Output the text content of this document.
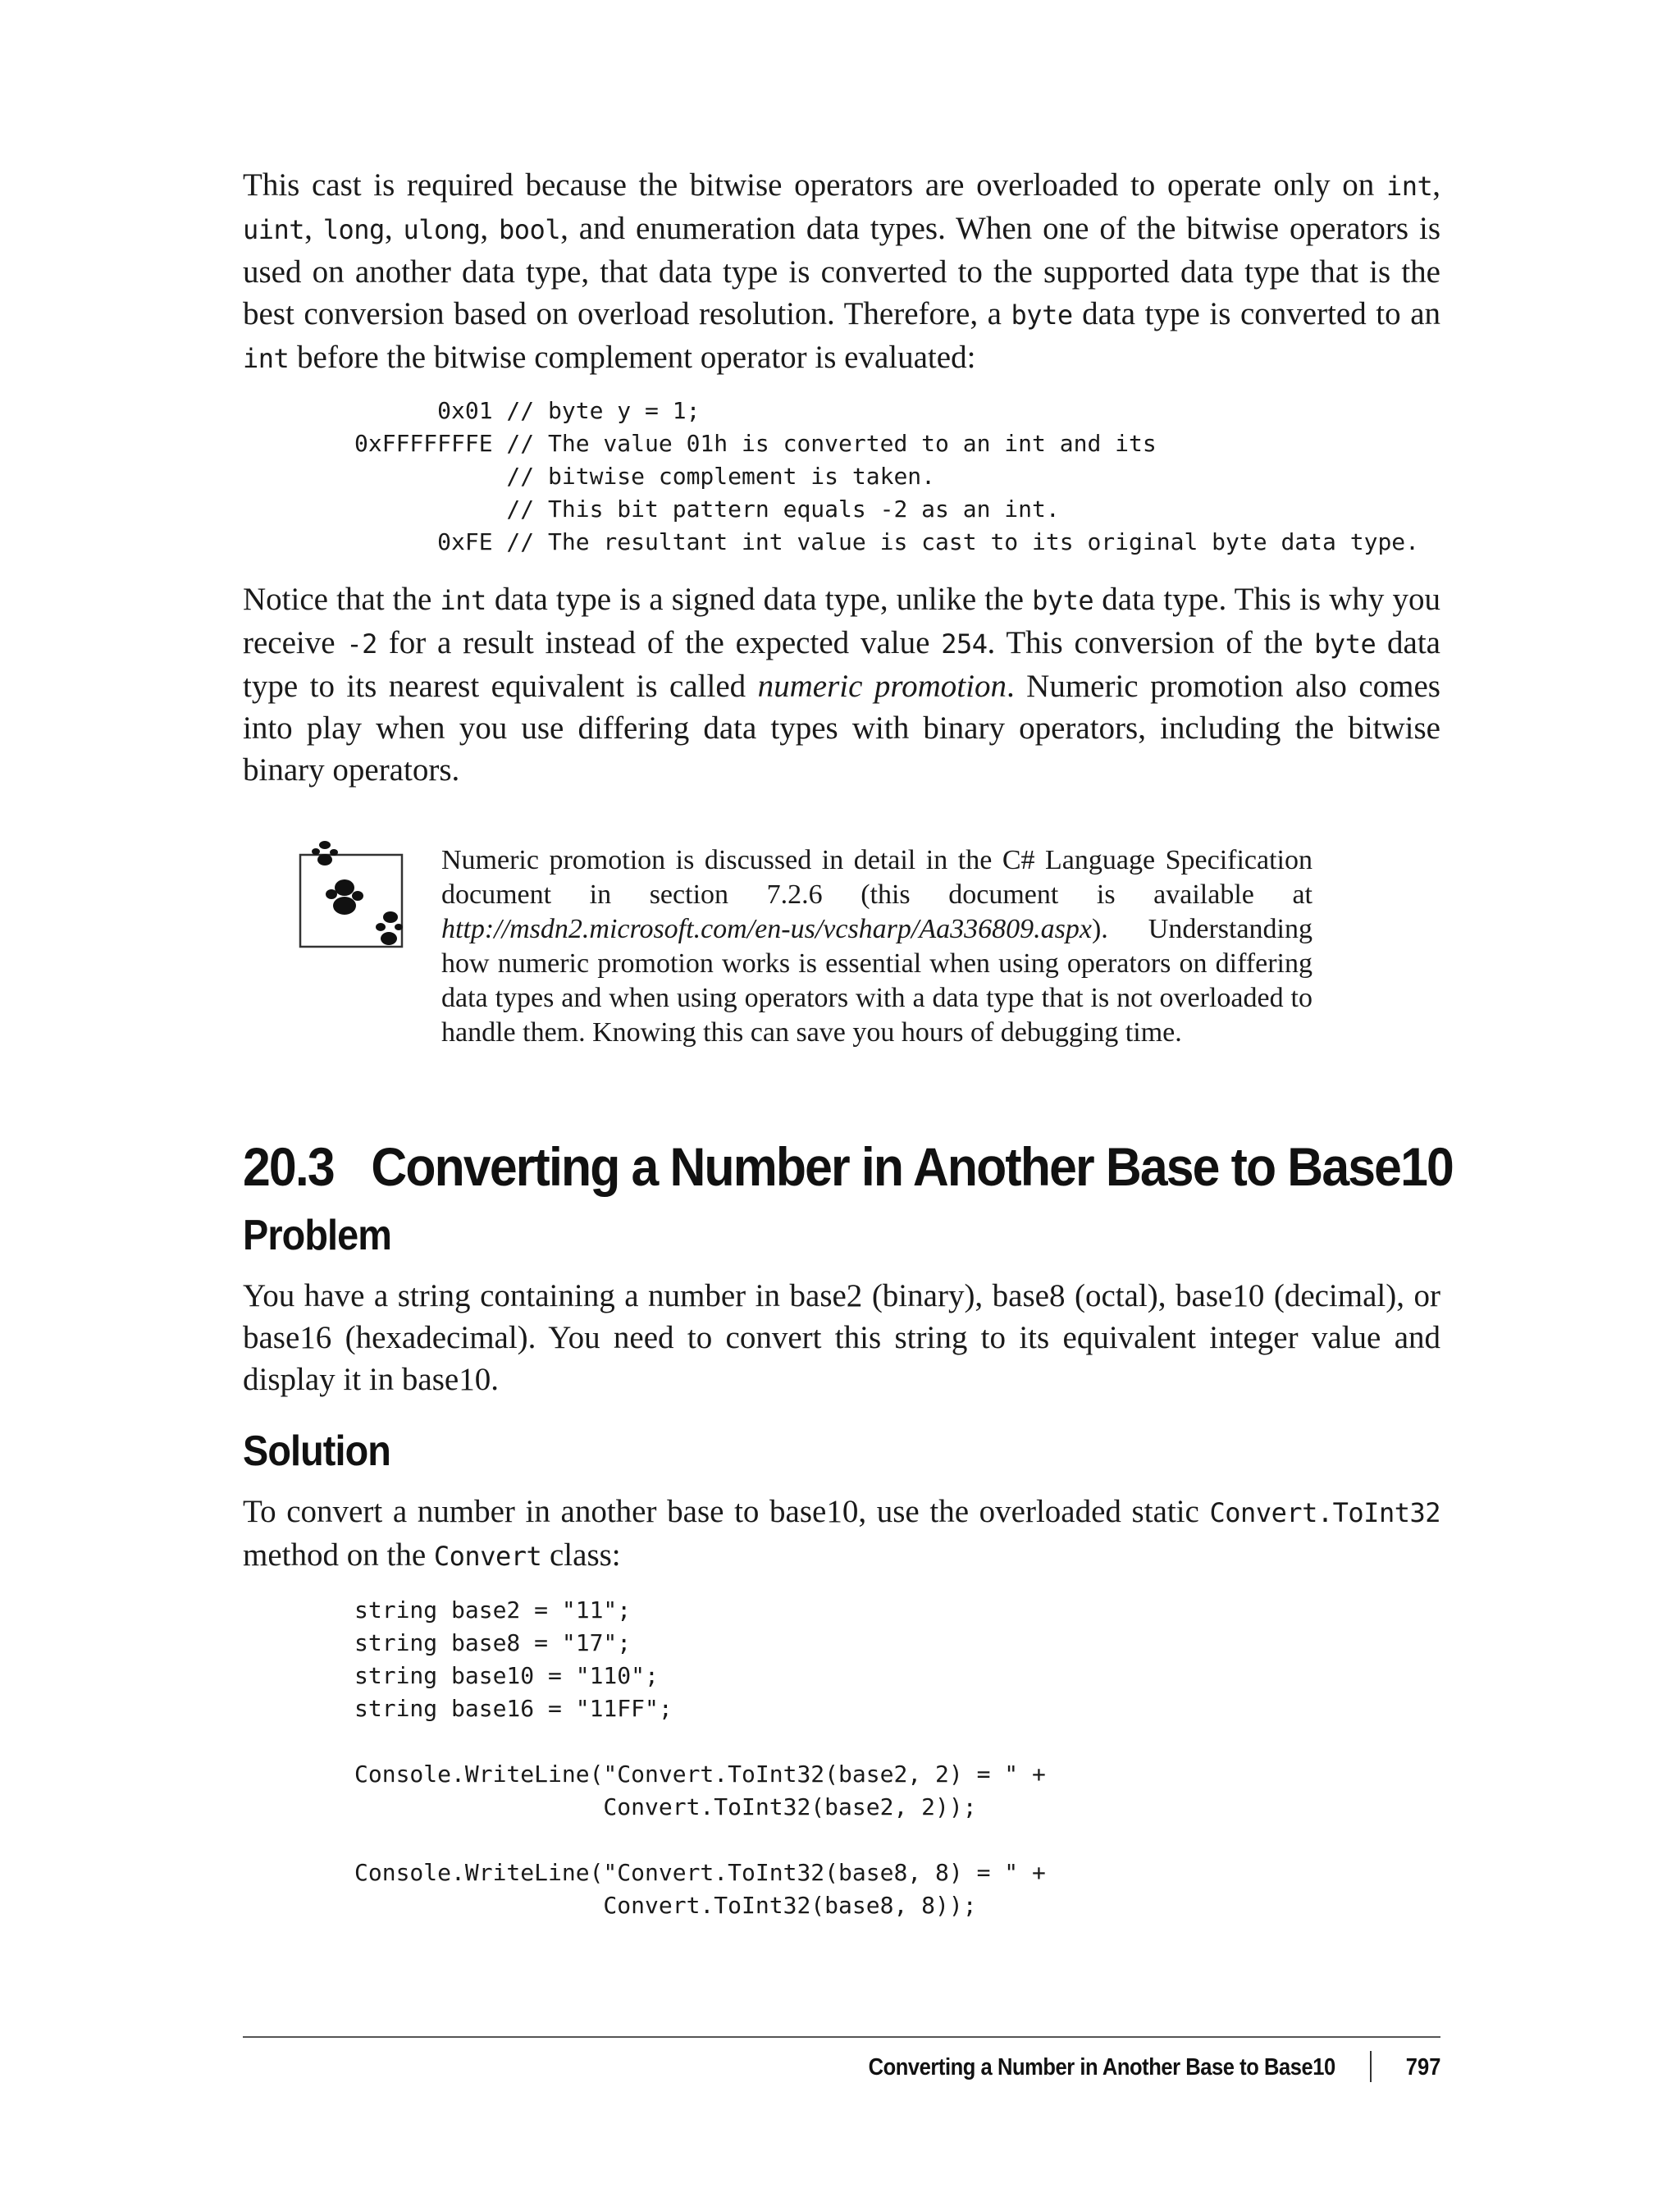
This cast is required because the bitwise operators are overloaded to operate only on int, uint, long, ulong, bool, and enumeration data types. When one of the bitwise operators is used on another data type, that data type is converted to the supported data type that is the best conversion based on overload resolution. Therefore, a byte data type is converted to an int before the bitwise complement operator is evaluated:

0x01 // byte y = 1;
0xFFFFFFFE // The value 01h is converted to an int and its
// bitwise complement is taken.
// This bit pattern equals -2 as an int.
0xFE // The resultant int value is cast to its original byte data type.

Notice that the int data type is a signed data type, unlike the byte data type. This is why you receive -2 for a result instead of the expected value 254. This conversion of the byte data type to its nearest equivalent is called numeric promotion. Numeric promotion also comes into play when you use differing data types with binary operators, including the bitwise binary operators.

Numeric promotion is discussed in detail in the C# Language Specification document in section 7.2.6 (this document is available at http://msdn2.microsoft.com/en-us/vcsharp/Aa336809.aspx). Understanding how numeric promotion works is essential when using operators on differing data types and when using operators with a data type that is not overloaded to handle them. Knowing this can save you hours of debugging time.

20.3 Converting a Number in Another Base to Base10
Problem

You have a string containing a number in base2 (binary), base8 (octal), base10 (decimal), or base16 (hexadecimal). You need to convert this string to its equivalent integer value and display it in base10.

Solution

To convert a number in another base to base10, use the overloaded static Convert.ToInt32 method on the Convert class:

string base2 = "11";
string base8 = "17";
string base10 = "110";
string base16 = "11FF";

Console.WriteLine("Convert.ToInt32(base2, 2) = " +
Convert.ToInt32(base2, 2));

Console.WriteLine("Convert.ToInt32(base8, 8) = " +
Convert.ToInt32(base8, 8));
Converting a Number in Another Base to Base10	797
